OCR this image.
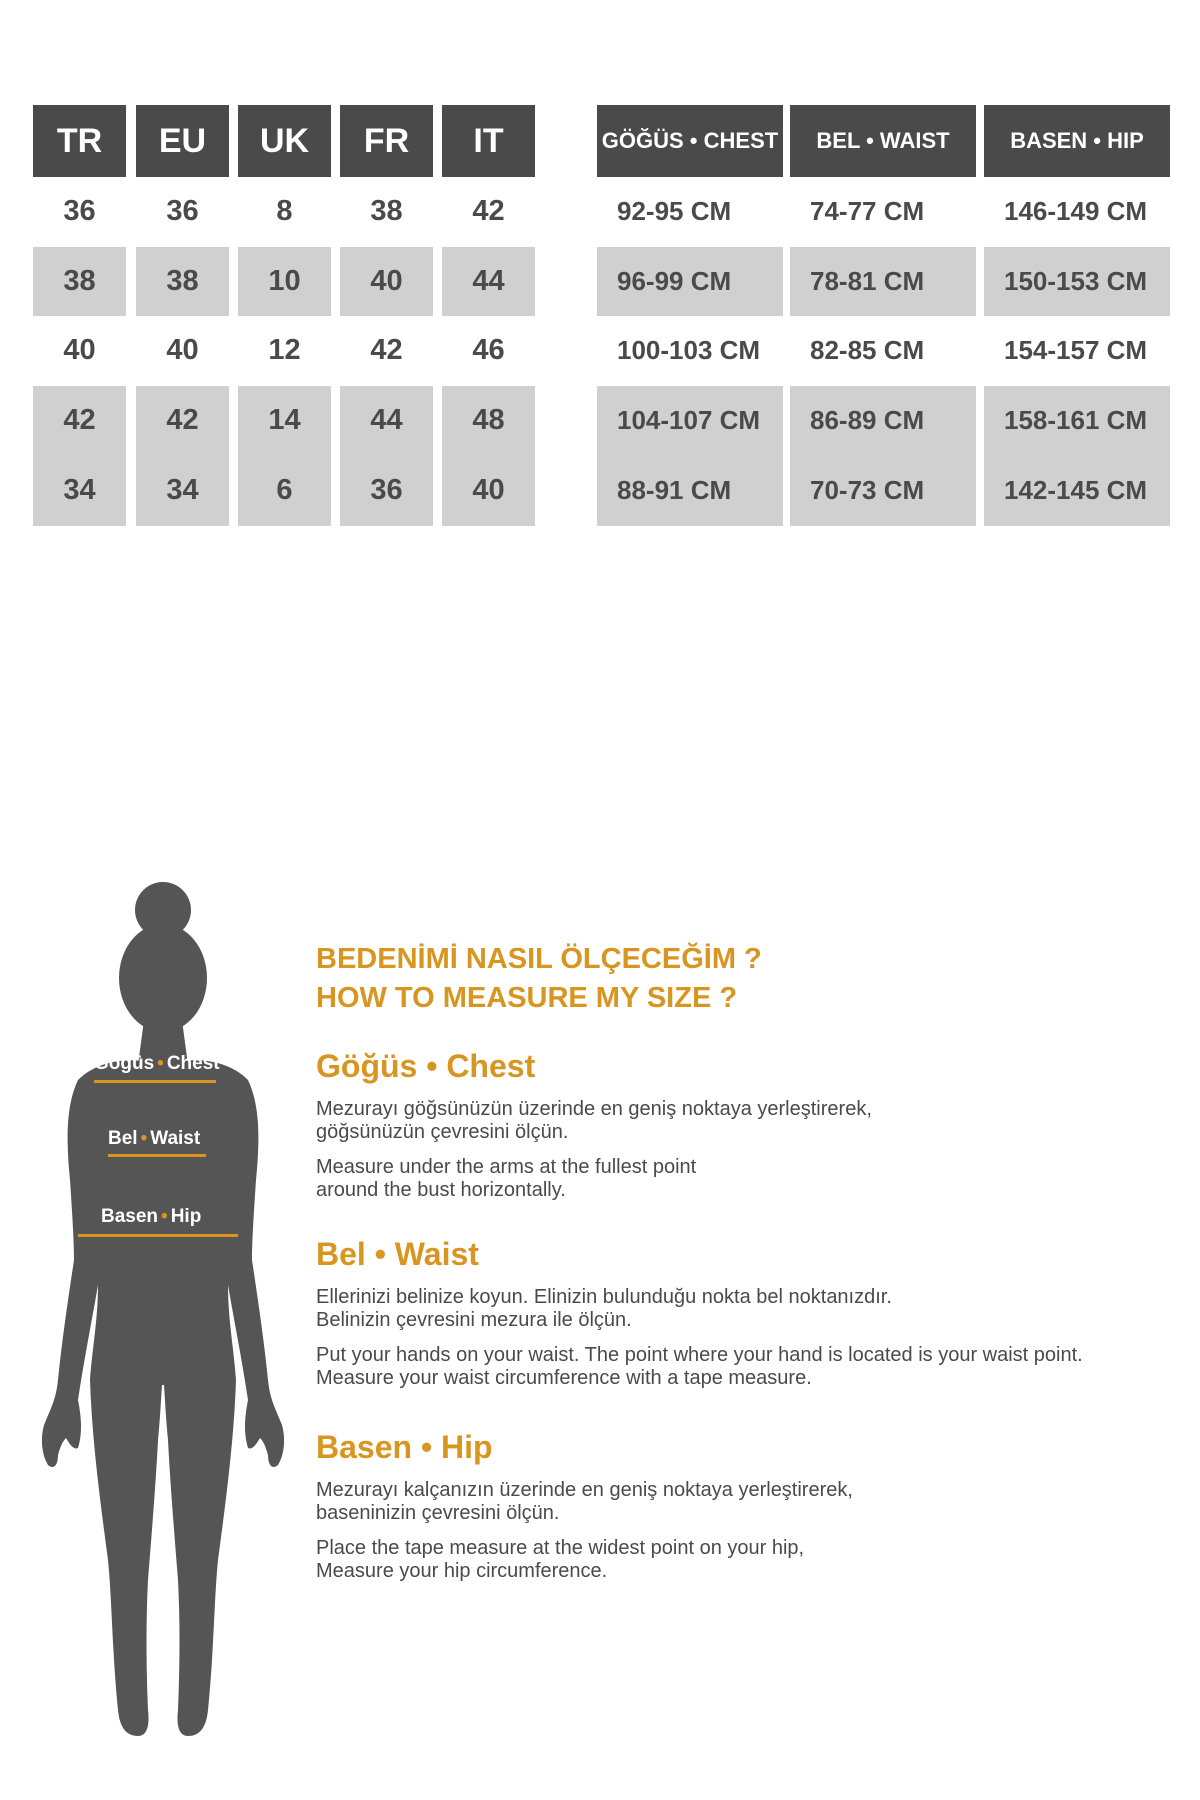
TR
36
38
40
42
34
EU
36
38
40
42
34
UK
8
10
12
14
6
FR
38
40
42
44
36
IT
42
44
46
48
40
GÖĞÜS • CHEST
92-95 CM
96-99 CM
100-103 CM
104-107 CM
88-91 CM
BEL • WAIST
74-77 CM
78-81 CM
82-85 CM
86-89 CM
70-73 CM
BASEN • HIP
146-149 CM
150-153 CM
154-157 CM
158-161 CM
142-145 CM
Göğüs • Chest
Bel • Waist
Basen • Hip

BEDENİMİ NASIL ÖLÇECEĞİM ?

HOW TO MEASURE MY SIZE ?

Göğüs • Chest

Mezurayı göğsünüzün üzerinde en geniş noktaya yerleştirerek,
göğsünüzün çevresini ölçün.

Measure under the arms at the fullest point
around the bust horizontally.

Bel • Waist

Ellerinizi belinize koyun. Elinizin bulunduğu nokta bel noktanızdır.
Belinizin çevresini mezura ile ölçün.

Put your hands on your waist. The point where your hand is located is your waist point.
Measure your waist circumference with a tape measure.

Basen • Hip

Mezurayı kalçanızın üzerinde en geniş noktaya yerleştirerek,
baseninizin çevresini ölçün.

Place the tape measure at the widest point on your hip,
Measure your hip circumference.
